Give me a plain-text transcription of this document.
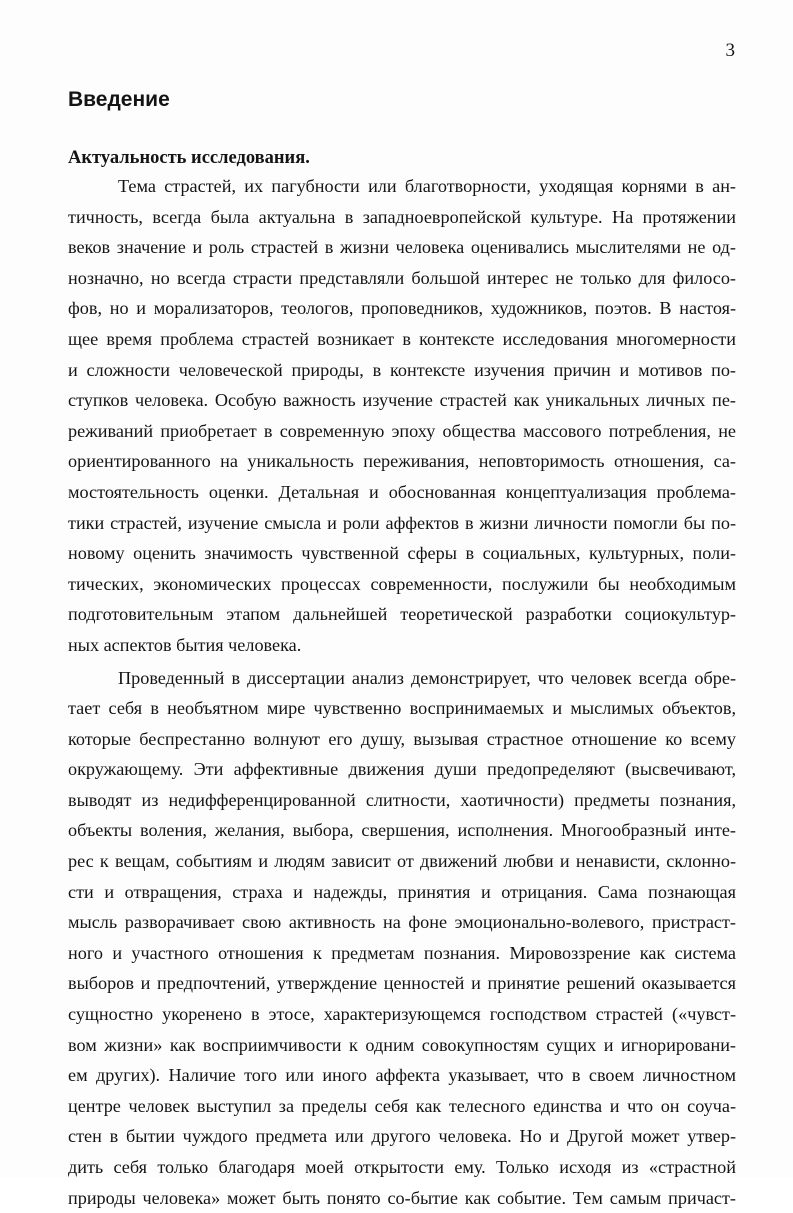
3
Введение
Актуальность исследования.

Тема страстей, их пагубности или благотворности, уходящая корнями в ан-
тичность, всегда была актуальна в западноевропейской культуре. На протяжении
веков значение и роль страстей в жизни человека оценивались мыслителями не од-
нозначно, но всегда страсти представляли большой интерес не только для филосо-
фов, но и морализаторов, теологов, проповедников, художников, поэтов. В настоя-
щее время проблема страстей возникает в контексте исследования многомерности
и сложности человеческой природы, в контексте изучения причин и мотивов по-
ступков человека. Особую важность изучение страстей как уникальных личных пе-
реживаний приобретает в современную эпоху общества массового потребления, не
ориентированного на уникальность переживания, неповторимость отношения, са-
мостоятельность оценки. Детальная и обоснованная концептуализация проблема-
тики страстей, изучение смысла и роли аффектов в жизни личности помогли бы по-
новому оценить значимость чувственной сферы в социальных, культурных, поли-
тических, экономических процессах современности, послужили бы необходимым
подготовительным этапом дальнейшей теоретической разработки социокультур-
ных аспектов бытия человека.

Проведенный в диссертации анализ демонстрирует, что человек всегда обре-
тает себя в необъятном мире чувственно воспринимаемых и мыслимых объектов,
которые беспрестанно волнуют его душу, вызывая страстное отношение ко всему
окружающему. Эти аффективные движения души предопределяют (высвечивают,
выводят из недифференцированной слитности, хаотичности) предметы познания,
объекты воления, желания, выбора, свершения, исполнения. Многообразный инте-
рес к вещам, событиям и людям зависит от движений любви и ненависти, склонно-
сти и отвращения, страха и надежды, принятия и отрицания. Сама познающая
мысль разворачивает свою активность на фоне эмоционально-волевого, пристраст-
ного и участного отношения к предметам познания. Мировоззрение как система
выборов и предпочтений, утверждение ценностей и принятие решений оказывается
сущностно укоренено в этосе, характеризующемся господством страстей («чувст-
вом жизни» как восприимчивости к одним совокупностям сущих и игнорировани-
ем других). Наличие того или иного аффекта указывает, что в своем личностном
центре человек выступил за пределы себя как телесного единства и что он соуча-
стен в бытии чуждого предмета или другого человека. Но и Другой может утвер-
дить себя только благодаря моей открытости ему. Только исходя из «страстной
природы человека» может быть понято со-бытие как событие. Тем самым причаст-
